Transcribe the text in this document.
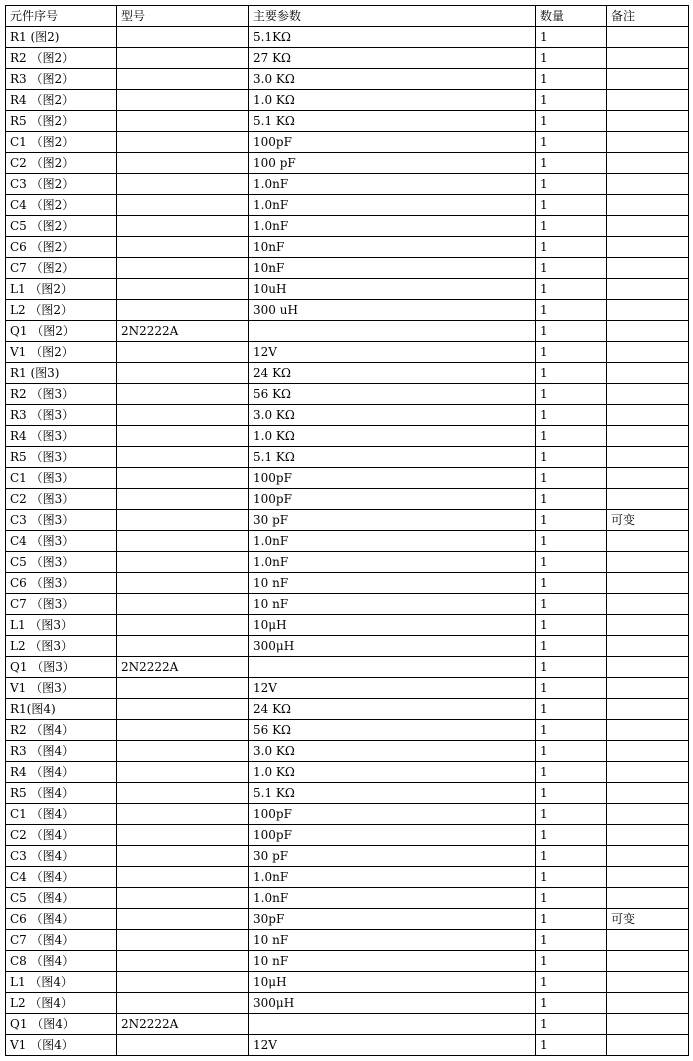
元件序号	型号	主要参数	数量	备注
R1 (图2)		5.1KΩ	1	
R2 （图2）		27 KΩ	1	
R3 （图2）		3.0 KΩ	1	
R4 （图2）		1.0 KΩ	1	
R5 （图2）		5.1 KΩ	1	
C1 （图2）		100pF	1	
C2 （图2）		100 pF	1	
C3 （图2）		1.0nF	1	
C4 （图2）		1.0nF	1	
C5 （图2）		1.0nF	1	
C6 （图2）		10nF	1	
C7 （图2）		10nF	1	
L1 （图2）		10uH	1	
L2 （图2）		300 uH	1	
Q1 （图2）	2N2222A		1	
V1 （图2）		12V	1	
R1 (图3)		24 KΩ	1	
R2 （图3）		56 KΩ	1	
R3 （图3）		3.0 KΩ	1	
R4 （图3）		1.0 KΩ	1	
R5 （图3）		5.1 KΩ	1	
C1 （图3）		100pF	1	
C2 （图3）		100pF	1	
C3 （图3）		30 pF	1	可变
C4 （图3）		1.0nF	1	
C5 （图3）		1.0nF	1	
C6 （图3）		10 nF	1	
C7 （图3）		10 nF	1	
L1 （图3）		10μH	1	
L2 （图3）		300μH	1	
Q1 （图3）	2N2222A		1	
V1 （图3）		12V	1	
R1(图4)		24 KΩ	1	
R2 （图4）		56 KΩ	1	
R3 （图4）		3.0 KΩ	1	
R4 （图4）		1.0 KΩ	1	
R5 （图4）		5.1 KΩ	1	
C1 （图4）		100pF	1	
C2 （图4）		100pF	1	
C3 （图4）		30 pF	1	
C4 （图4）		1.0nF	1	
C5 （图4）		1.0nF	1	
C6 （图4）		30pF	1	可变
C7 （图4）		10 nF	1	
C8 （图4）		10 nF	1	
L1 （图4）		10μH	1	
L2 （图4）		300μH	1	
Q1 （图4）	2N2222A		1	
V1 （图4）		12V	1	
